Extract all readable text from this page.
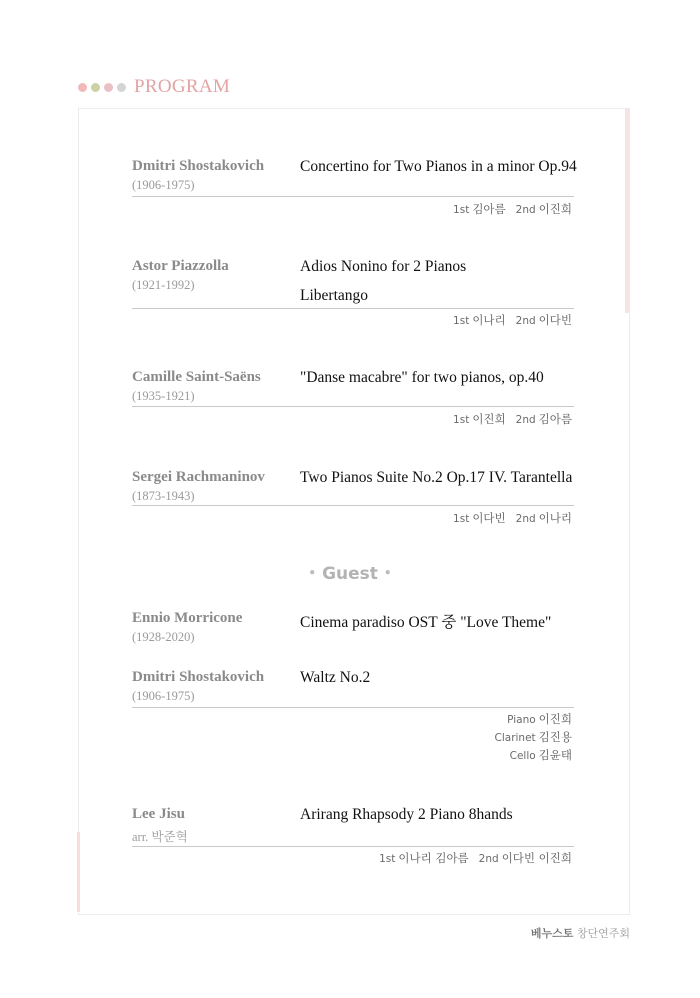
PROGRAM
Dmitri Shostakovich
(1906-1975)
Concertino for Two Pianos in a minor Op.94
1st 김아름 2nd 이진희
Astor Piazzolla
(1921-1992)
Adios Nonino for 2 Pianos
Libertango
1st 이나리 2nd 이다빈
Camille Saint-Saëns
(1935-1921)
"Danse macabre" for two pianos, op.40
1st 이진희 2nd 김아름
Sergei Rachmaninov
(1873-1943)
Two Pianos Suite No.2 Op.17 IV. Tarantella
1st 이다빈 2nd 이나리
• Guest •
Ennio Morricone
(1928-2020)
Cinema paradiso OST 중 "Love Theme"
Dmitri Shostakovich
(1906-1975)
Waltz No.2
Piano 이진희
Clarinet 김진용
Cello 김윤태
Lee Jisu
arr. 박준혁
Arirang Rhapsody 2 Piano 8hands
1st 이나리 김아름 2nd 이다빈 이진희
베누스토 창단연주회
